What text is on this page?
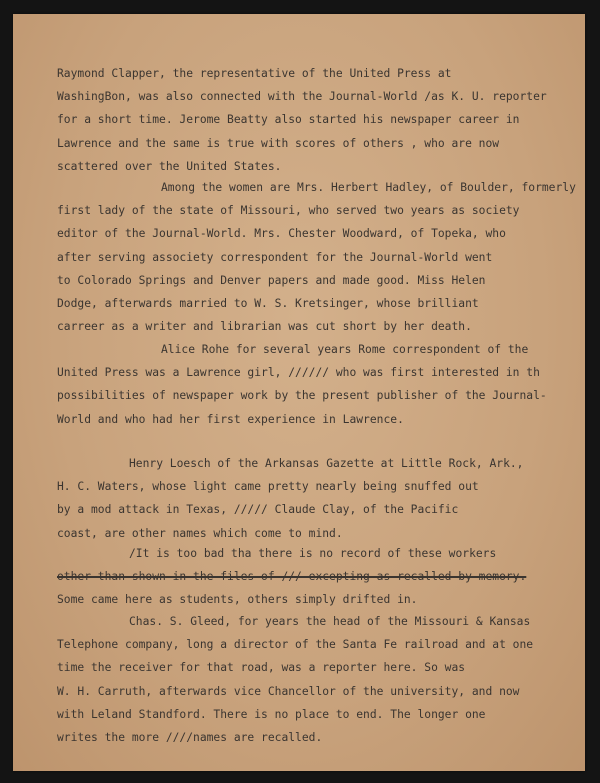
Raymond Clapper, the representative of the United Press at
WashingBon, was also connected with the Journal-World /as K. U. reporter
for a short time. Jerome Beatty also started his newspaper career in
Lawrence and the same is true with scores of others , who are now
scattered over the United States.

Among the women are Mrs. Herbert Hadley, of Boulder, formerly
first lady of the state of Missouri, who served two years as society
editor of the Journal-World. Mrs. Chester Woodward, of Topeka, who
after serving associety correspondent for the Journal-World went
to Colorado Springs and Denver papers and made good. Miss Helen
Dodge, afterwards married to W. S. Kretsinger, whose brilliant
carreer as a writer and librarian was cut short by her death.

Alice Rohe for several years Rome correspondent of the
United Press was a Lawrence girl, ////// who was first interested in th
possibilities of newspaper work by the present publisher of the Journal-
World and who had her first experience in Lawrence.

Henry Loesch of the Arkansas Gazette at Little Rock, Ark.,
H. C. Waters, whose light came pretty nearly being snuffed out
by a mod attack in Texas, ///// Claude Clay, of the Pacific
coast, are other names which come to mind.

/It is too bad tha there is no record of these workers
other than shown in the files of /// excepting as recalled by memory.
Some came here as students, others simply drifted in.

Chas. S. Gleed, for years the head of the Missouri & Kansas
Telephone company, long a director of the Santa Fe railroad and at one
time the receiver for that road, was a reporter here. So was
W. H. Carruth, afterwards vice Chancellor of the university, and now
with Leland Standford. There is no place to end. The longer one
writes the more ////names are recalled.
